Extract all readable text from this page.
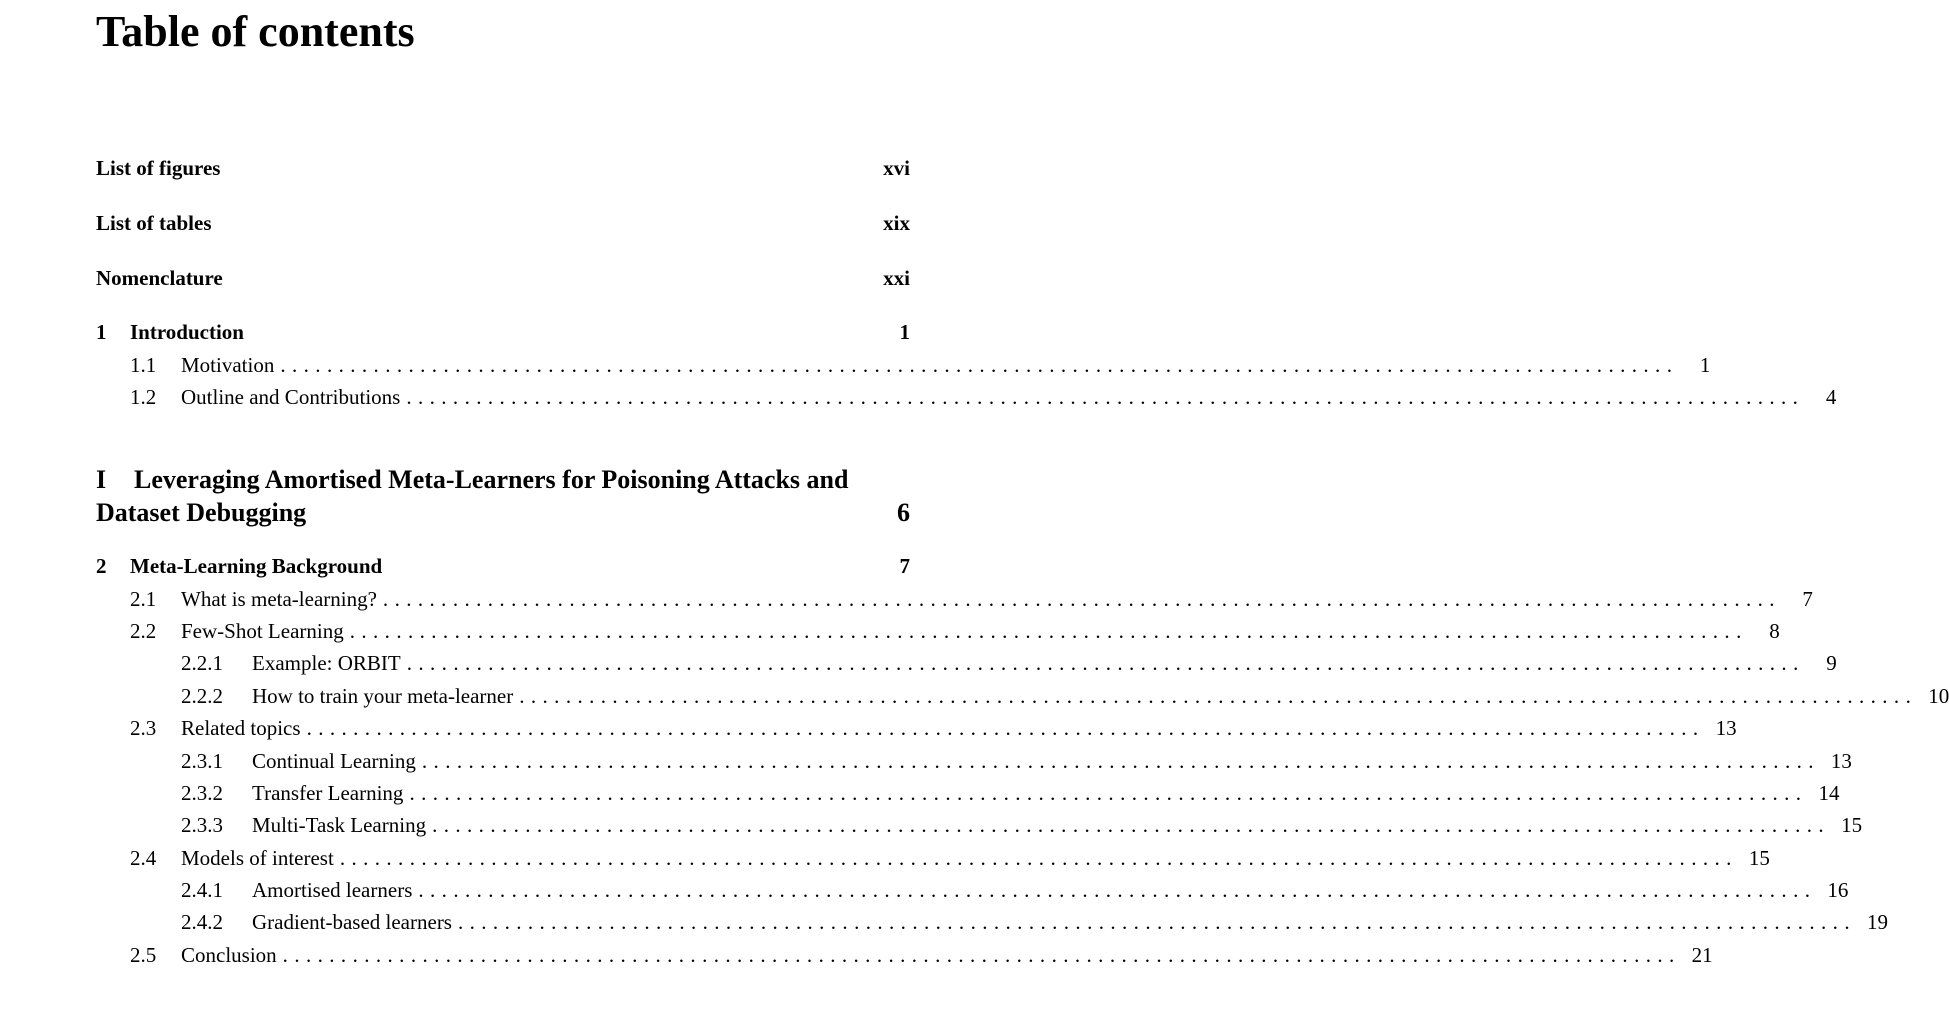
Table of contents
List of figures	xvi
List of tables	xix
Nomenclature	xxi
1	Introduction	1
1.1	Motivation ........................................................................................................................	1
1.2	Outline and Contributions ........................................................................................................................	4
I Leveraging Amortised Meta-Learners for Poisoning Attacks and Dataset Debugging	6
2	Meta-Learning Background	7
2.1	What is meta-learning? ........................................................................................................................	7
2.2	Few-Shot Learning ........................................................................................................................	8
2.2.1	Example: ORBIT ........................................................................................................................	9
2.2.2	How to train your meta-learner ........................................................................................................................ 10
2.3	Related topics ........................................................................................................................ 13
2.3.1	Continual Learning ........................................................................................................................ 13
2.3.2	Transfer Learning ........................................................................................................................ 14
2.3.3	Multi-Task Learning ........................................................................................................................ 15
2.4	Models of interest ........................................................................................................................ 15
2.4.1	Amortised learners ........................................................................................................................ 16
2.4.2	Gradient-based learners ........................................................................................................................ 19
2.5	Conclusion ........................................................................................................................ 21
